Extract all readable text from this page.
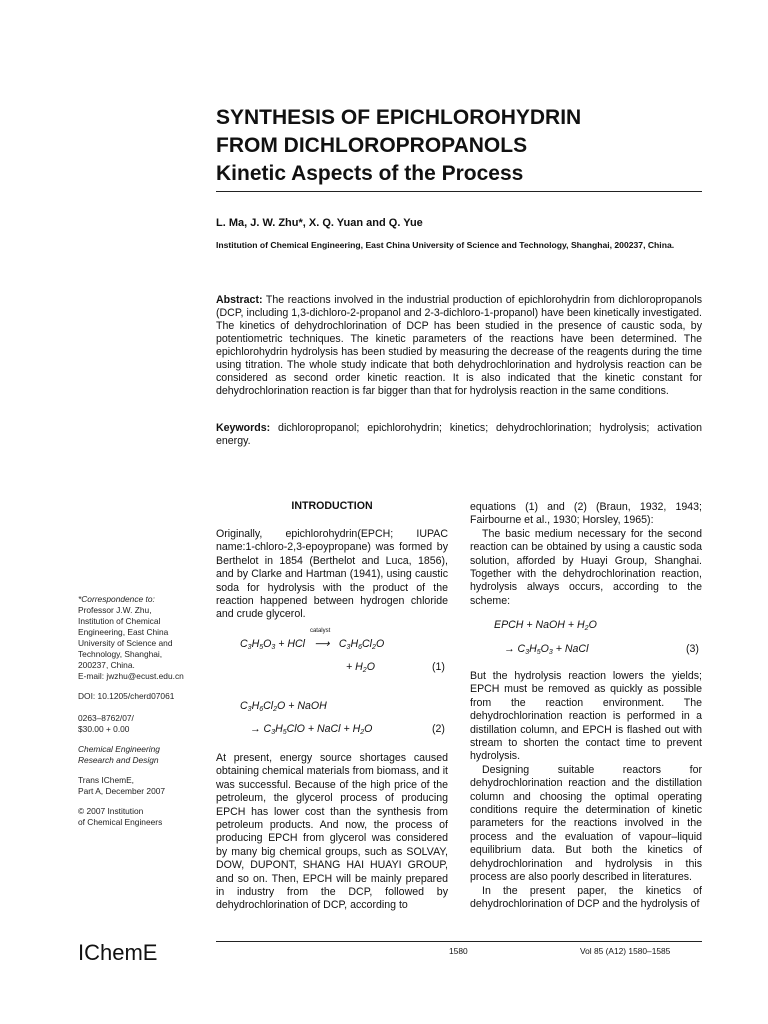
SYNTHESIS OF EPICHLOROHYDRIN
FROM DICHLOROPROPANOLS
Kinetic Aspects of the Process
L. Ma, J. W. Zhu*, X. Q. Yuan and Q. Yue
Institution of Chemical Engineering, East China University of Science and Technology, Shanghai, 200237, China.
Abstract: The reactions involved in the industrial production of epichlorohydrin from dichloropropanols (DCP, including 1,3-dichloro-2-propanol and 2-3-dichloro-1-propanol) have been kinetically investigated. The kinetics of dehydrochlorination of DCP has been studied in the presence of caustic soda, by potentiometric techniques. The kinetic parameters of the reactions have been determined. The epichlorohydrin hydrolysis has been studied by measuring the decrease of the reagents during the time using titration. The whole study indicate that both dehydrochlorination and hydrolysis reaction can be considered as second order kinetic reaction. It is also indicated that the kinetic constant for dehydrochlorination reaction is far bigger than that for hydrolysis reaction in the same conditions.
Keywords: dichloropropanol; epichlorohydrin; kinetics; dehydrochlorination; hydrolysis; activation energy.

*Correspondence to:
Professor J.W. Zhu,
Institution of Chemical
Engineering, East China
University of Science and
Technology, Shanghai,
200237, China.
E-mail: jwzhu@ecust.edu.cn

DOI: 10.1205/cherd07061

0263–8762/07/
$30.00 + 0.00

Chemical Engineering
Research and Design

Trans IChemE,
Part A, December 2007

© 2007 Institution
of Chemical Engineers

INTRODUCTION

Originally, epichlorohydrin(EPCH; IUPAC name:1-chloro-2,3-epoypropane) was formed by Berthelot in 1854 (Berthelot and Luca, 1856), and by Clarke and Hartman (1941), using caustic soda for hydrolysis with the product of the reaction happened between hydrogen chloride and crude glycerol.

$C_3H_5O_3$ + HCl
catalyst
⟶ $C_3H_6Cl_2O$
+ $H_2O$	(1)
$C_3H_6Cl_2O$ + NaOH
→ $C_3H_5ClO$ + NaCl + $H_2O$	(2)

At present, energy source shortages caused obtaining chemical materials from biomass, and it was successful. Because of the high price of the petroleum, the glycerol process of producing EPCH has lower cost than the synthesis from petroleum products. And now, the process of producing EPCH from glycerol was considered by many big chemical groups, such as SOLVAY, DOW, DUPONT, SHANG HAI HUAYI GROUP, and so on. Then, EPCH will be mainly prepared in industry from the DCP, followed by dehydrochlorination of DCP, according to

equations (1) and (2) (Braun, 1932, 1943; Fairbourne et al., 1930; Horsley, 1965):

The basic medium necessary for the second reaction can be obtained by using a caustic soda solution, afforded by Huayi Group, Shanghai. Together with the dehydrochlorination reaction, hydrolysis always occurs, according to the scheme:

EPCH + NaOH + $H_2O$
→ $C_3H_5O_3$ + NaCl	(3)

But the hydrolysis reaction lowers the yields; EPCH must be removed as quickly as possible from the reaction environment. The dehydrochlorination reaction is performed in a distillation column, and EPCH is flashed out with stream to shorten the contact time to prevent hydrolysis.

Designing suitable reactors for dehydrochlorination reaction and the distillation column and choosing the optimal operating conditions require the determination of kinetic parameters for the reactions involved in the process and the evaluation of vapour–liquid equilibrium data. But both the kinetics of dehydrochlorination and hydrolysis in this process are also poorly described in literatures.

In the present paper, the kinetics of dehydrochlorination of DCP and the hydrolysis of

IChemE	1580	Vol 85 (A12) 1580–1585
